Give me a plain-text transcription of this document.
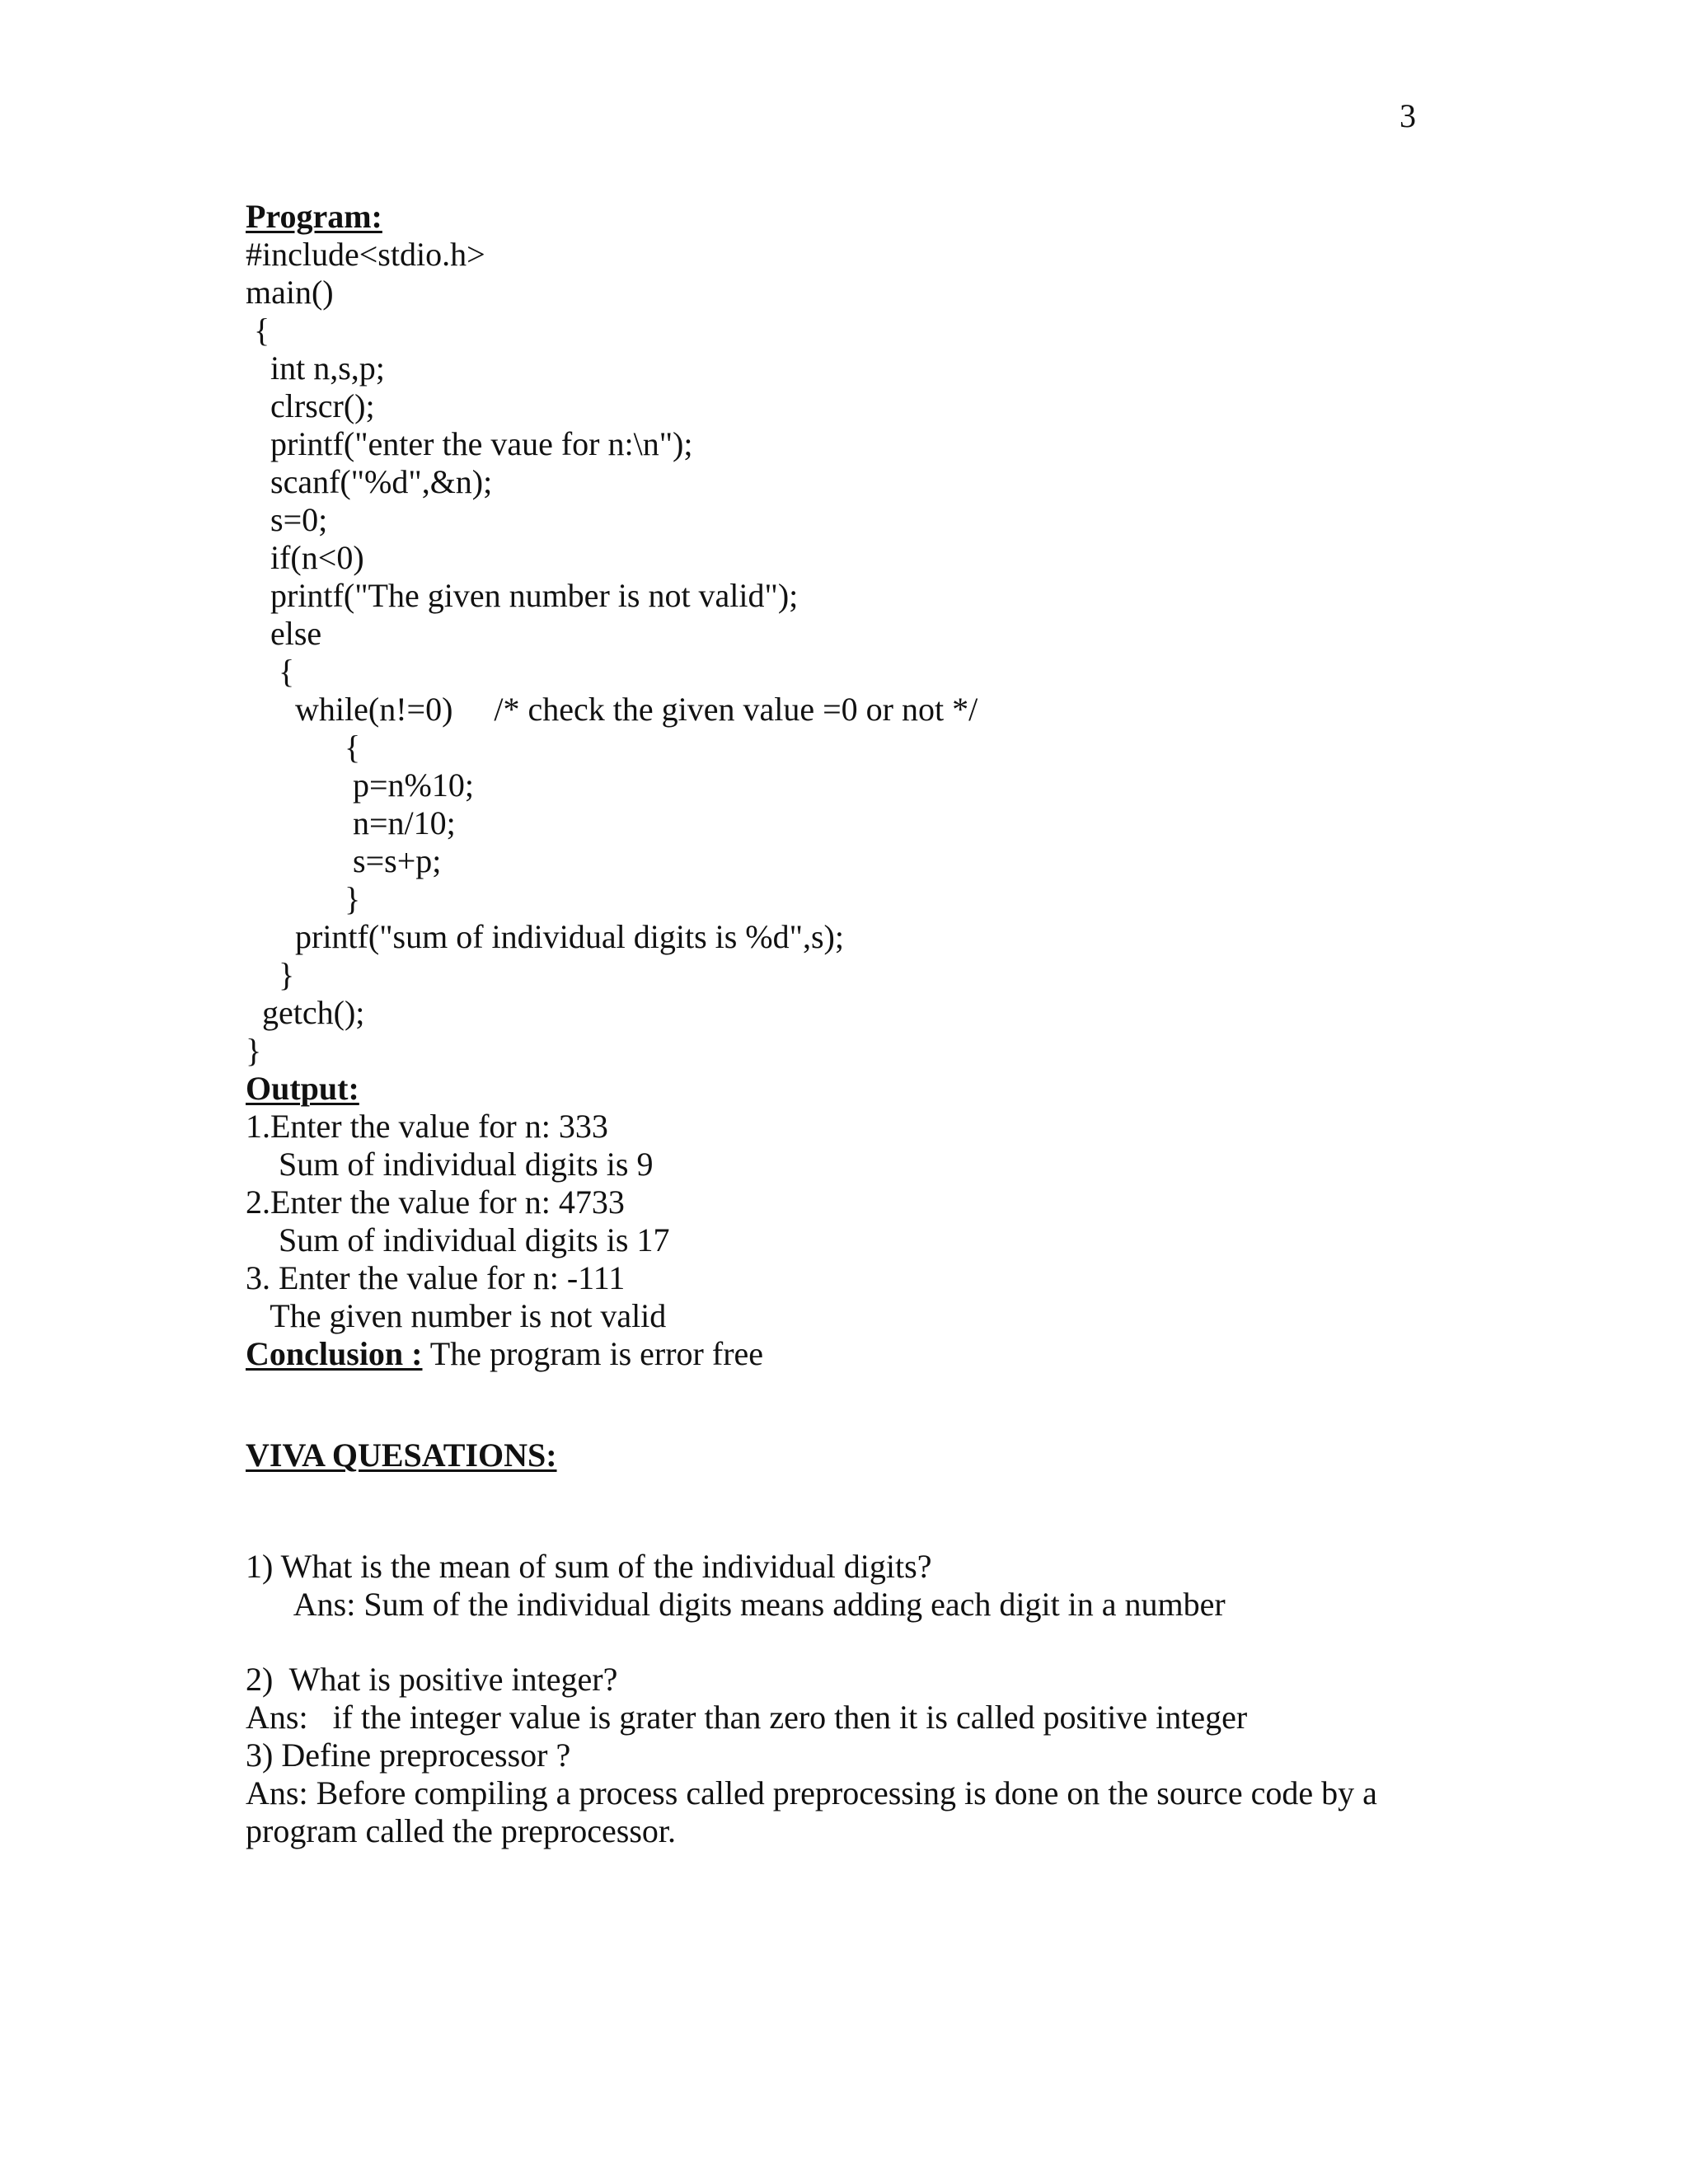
3
Program:
#include<stdio.h>
main()
{
int n,s,p;
clrscr();
printf("enter the vaue for n:\n");
scanf("%d",&n);
s=0;
if(n<0)
printf("The given number is not valid");
else
{
while(n!=0)     /* check the given value =0 or not */
{
p=n%10;
n=n/10;
s=s+p;
}
printf("sum of individual digits is %d",s);
}
getch();
}
Output:
1.Enter the value for n: 333
Sum of individual digits is 9
2.Enter the value for n: 4733
Sum of individual digits is 17
3. Enter the value for n: -111
The given number is not valid
Conclusion : The program is error free
VIVA QUESATIONS:
1) What is the mean of sum of the individual digits?
Ans: Sum of the individual digits means adding each digit in a number
2)  What is positive integer?
Ans:   if the integer value is grater than zero then it is called positive integer
3) Define preprocessor ?
Ans: Before compiling a process called preprocessing is done on the source code by a
program called the preprocessor.
